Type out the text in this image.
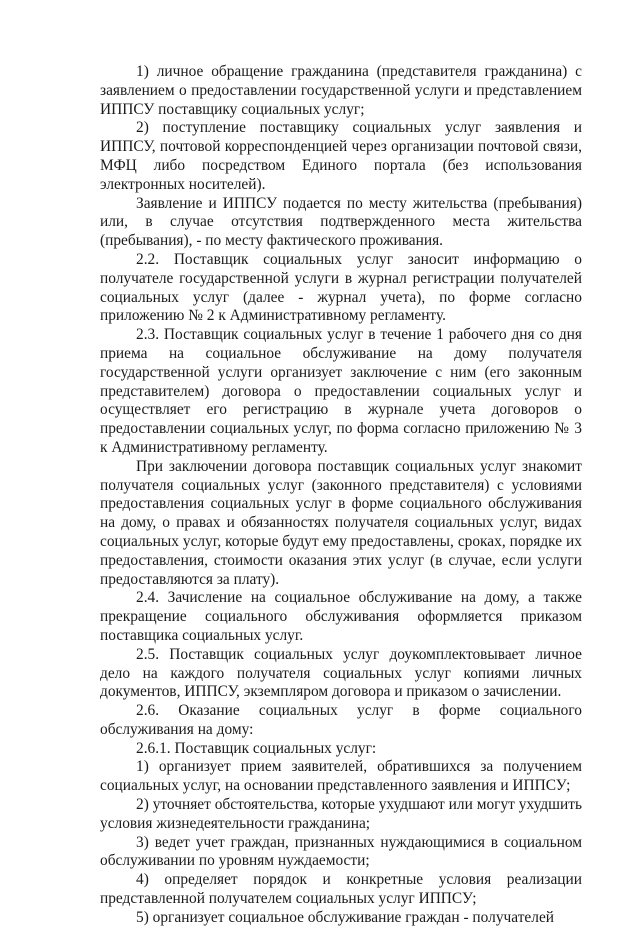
1) личное обращение гражданина (представителя гражданина) с заявлением о предоставлении государственной услуги и представлением ИППСУ поставщику социальных услуг;

2) поступление поставщику социальных услуг заявления и ИППСУ, почтовой корреспонденцией через организации почтовой связи, МФЦ либо посредством Единого портала (без использования электронных носителей).

Заявление и ИППСУ подается по месту жительства (пребывания) или, в случае отсутствия подтвержденного места жительства (пребывания), - по месту фактического проживания.

2.2. Поставщик социальных услуг заносит информацию о получателе государственной услуги в журнал регистрации получателей социальных услуг (далее - журнал учета), по форме согласно приложению № 2 к Административному регламенту.

2.3. Поставщик социальных услуг в течение 1 рабочего дня со дня приема на социальное обслуживание на дому получателя государственной услуги организует заключение с ним (его законным представителем) договора о предоставлении социальных услуг и осуществляет его регистрацию в журнале учета договоров о предоставлении социальных услуг, по форма согласно приложению № 3 к Административному регламенту.

При заключении договора поставщик социальных услуг знакомит получателя социальных услуг (законного представителя) с условиями предоставления социальных услуг в форме социального обслуживания на дому, о правах и обязанностях получателя социальных услуг, видах социальных услуг, которые будут ему предоставлены, сроках, порядке их предоставления, стоимости оказания этих услуг (в случае, если услуги предоставляются за плату).

2.4. Зачисление на социальное обслуживание на дому, а также прекращение социального обслуживания оформляется приказом поставщика социальных услуг.

2.5. Поставщик социальных услуг доукомплектовывает личное дело на каждого получателя социальных услуг копиями личных документов, ИППСУ, экземпляром договора и приказом о зачислении.

2.6. Оказание социальных услуг в форме социального обслуживания на дому:

2.6.1. Поставщик социальных услуг:

1) организует прием заявителей, обратившихся за получением социальных услуг, на основании представленного заявления и ИППСУ;

2) уточняет обстоятельства, которые ухудшают или могут ухудшить условия жизнедеятельности гражданина;

3) ведет учет граждан, признанных нуждающимися в социальном обслуживании по уровням нуждаемости;

4) определяет порядок и конкретные условия реализации представленной получателем социальных услуг ИППСУ;

5) организует социальное обслуживание граждан - получателей
